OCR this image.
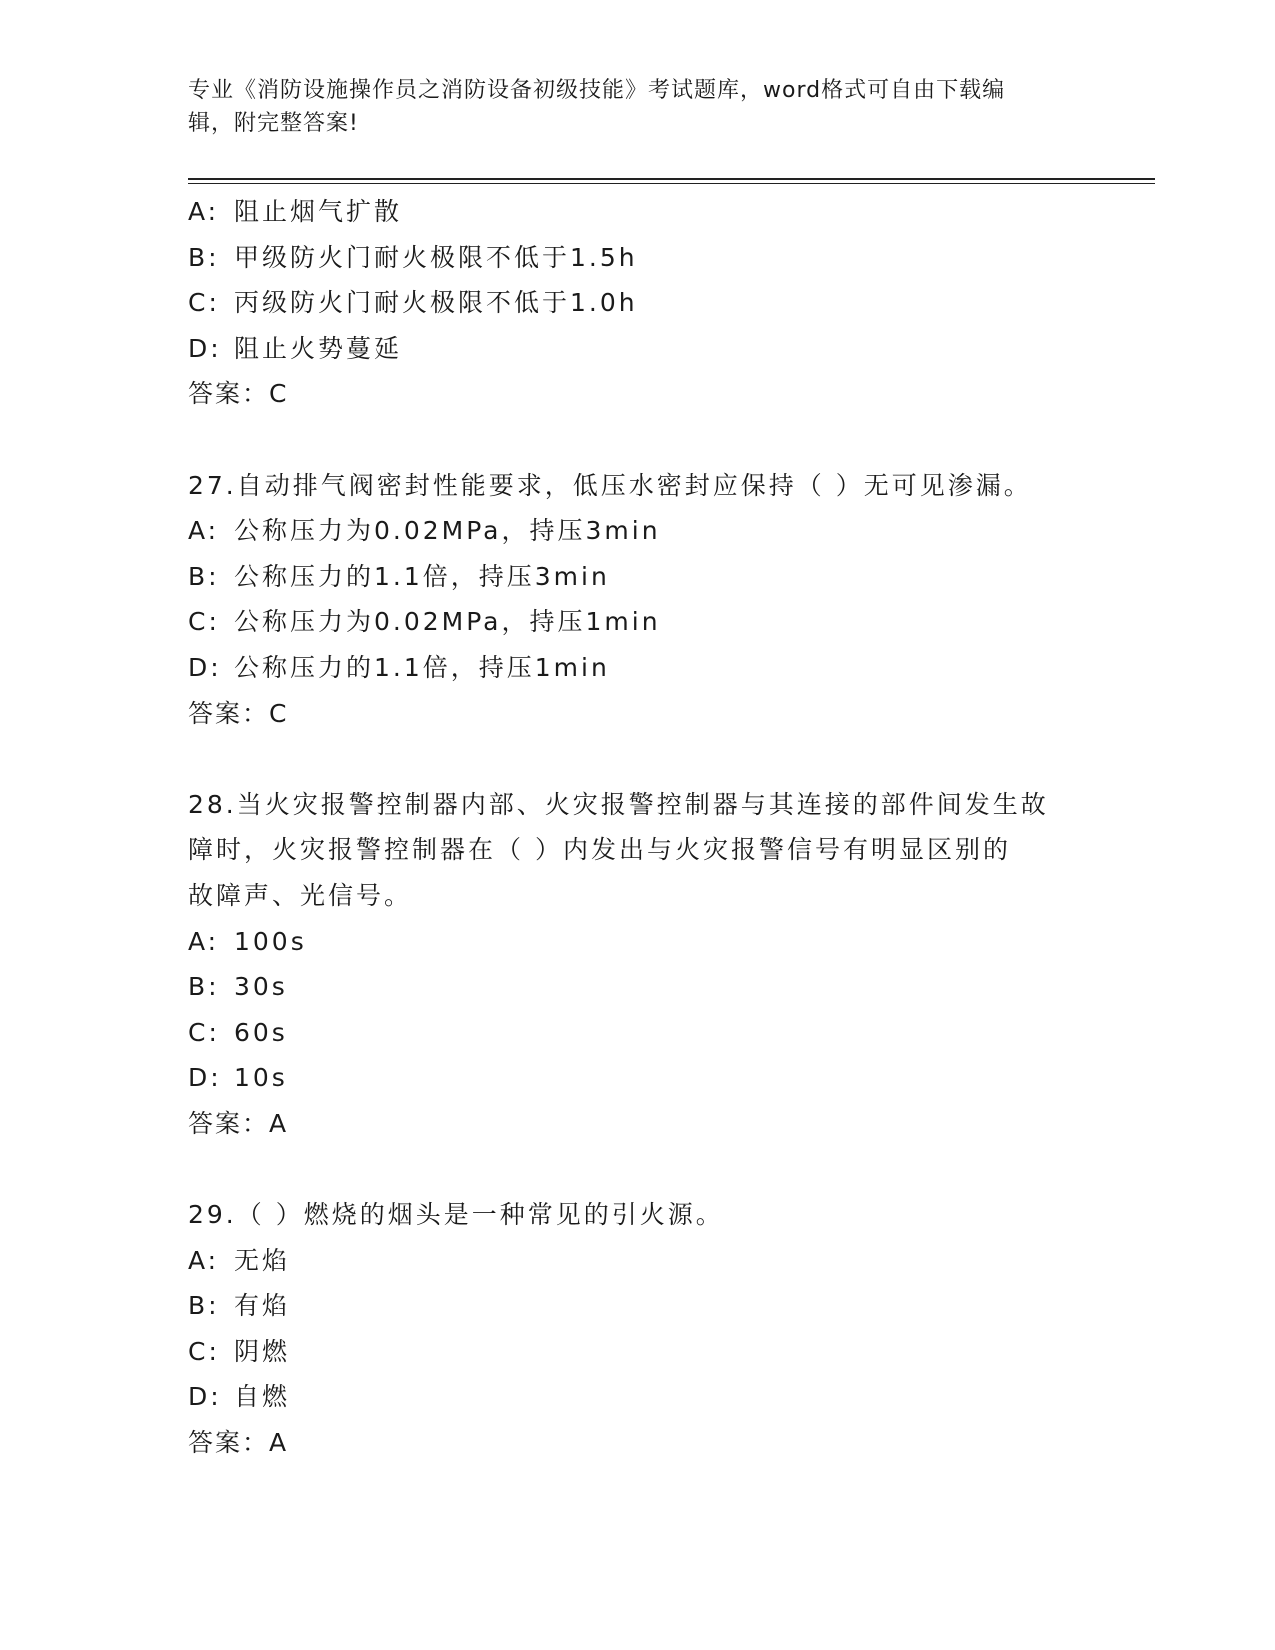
专业《消防设施操作员之消防设备初级技能》考试题库，word格式可自由下载编
辑，附完整答案!
A: 阻止烟气扩散
B: 甲级防火门耐火极限不低于1.5h
C: 丙级防火门耐火极限不低于1.0h
D: 阻止火势蔓延
答案：C
27.自动排气阀密封性能要求，低压水密封应保持（ ）无可见渗漏。
A: 公称压力为0.02MPa，持压3min
B: 公称压力的1.1倍，持压3min
C: 公称压力为0.02MPa，持压1min
D: 公称压力的1.1倍，持压1min
答案：C
28.当火灾报警控制器内部、火灾报警控制器与其连接的部件间发生故
障时，火灾报警控制器在（ ）内发出与火灾报警信号有明显区别的
故障声、光信号。
A: 100s
B: 30s
C: 60s
D: 10s
答案：A
29.（ ）燃烧的烟头是一种常见的引火源。
A: 无焰
B: 有焰
C: 阴燃
D: 自燃
答案：A
